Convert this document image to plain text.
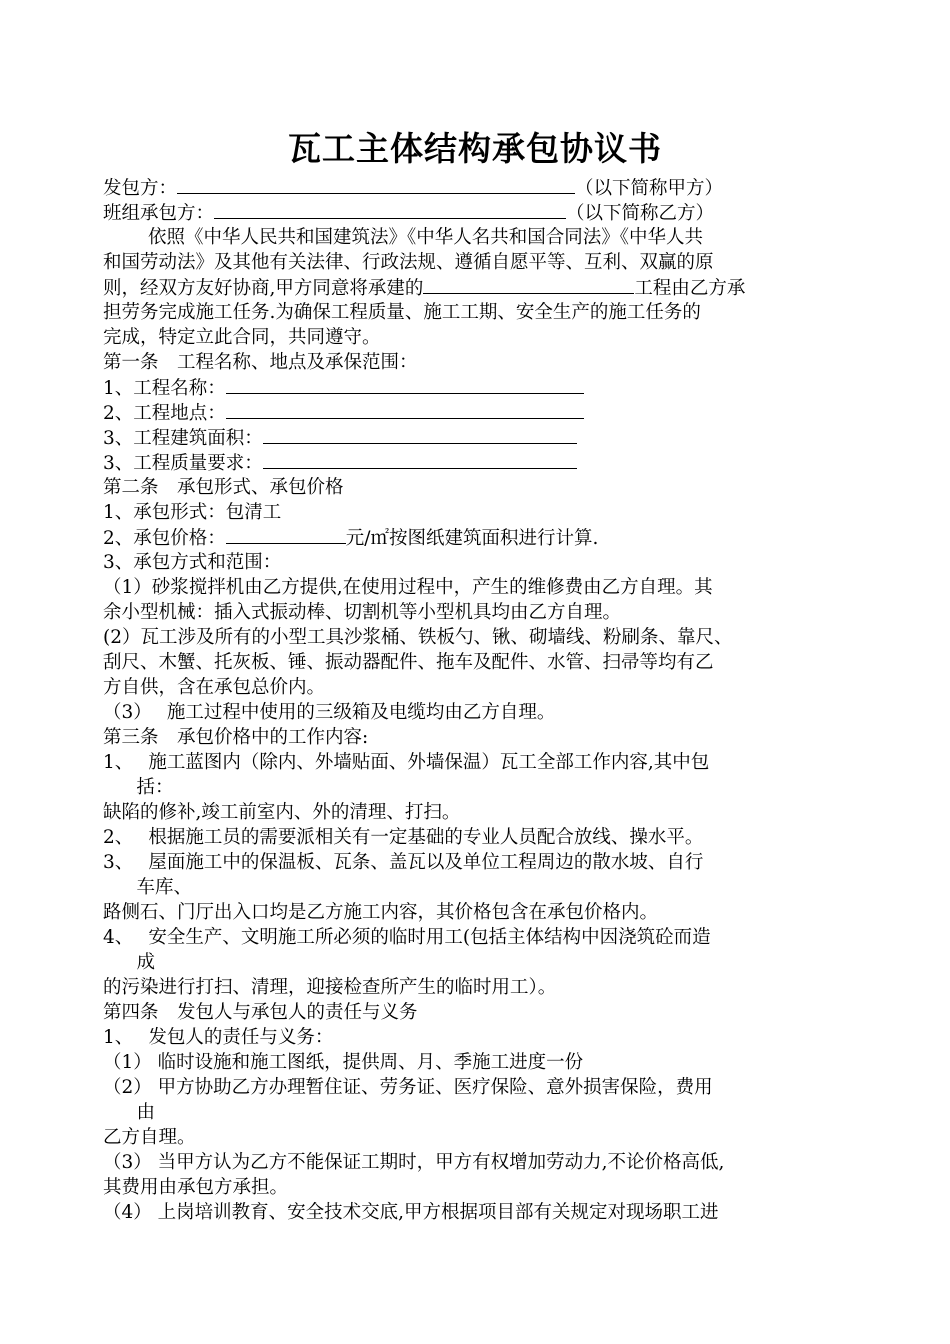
瓦工主体结构承包协议书
发包方：	（以下简称甲方）
班组承包方：	（以下简称乙方）
依照《中华人民共和国建筑法》《中华人名共和国合同法》《中华人共
和国劳动法》及其他有关法律、行政法规、遵循自愿平等、互利、双赢的原
则，经双方友好协商,甲方同意将承建的	工程由乙方承
担劳务完成施工任务.为确保工程质量、施工工期、安全生产的施工任务的
完成，特定立此合同，共同遵守。
第一条　工程名称、地点及承保范围：
1、工程名称：
2、工程地点：
3、工程建筑面积：
3、工程质量要求：
第二条　承包形式、承包价格
1、承包形式：包清工
2、承包价格：	元/㎡按图纸建筑面积进行计算.
3、承包方式和范围：
（1）砂浆搅拌机由乙方提供,在使用过程中，产生的维修费由乙方自理。其
余小型机械：插入式振动棒、切割机等小型机具均由乙方自理。
(2）瓦工涉及所有的小型工具沙浆桶、铁板勺、锹、砌墙线、粉刷条、靠尺、
刮尺、木蟹、托灰板、锤、振动器配件、拖车及配件、水管、扫帚等均有乙
方自供，含在承包总价内。
（3）　 施工过程中使用的三级箱及电缆均由乙方自理。
第三条　承包价格中的工作内容:
1、　 施工蓝图内（除内、外墙贴面、外墙保温）瓦工全部工作内容,其中包
　括：
缺陷的修补,竣工前室内、外的清理、打扫。
2、　 根据施工员的需要派相关有一定基础的专业人员配合放线、操水平。
3、　 屋面施工中的保温板、瓦条、盖瓦以及单位工程周边的散水坡、自行
　车库、
路侧石、门厅出入口均是乙方施工内容，其价格包含在承包价格内。
4、　 安全生产、文明施工所必须的临时用工(包括主体结构中因浇筑砼而造
　成
的污染进行打扫、清理，迎接检查所产生的临时用工）。
第四条　发包人与承包人的责任与义务
1、　 发包人的责任与义务：
（1） 临时设施和施工图纸，提供周、月、季施工进度一份
（2） 甲方协助乙方办理暂住证、劳务证、医疗保险、意外损害保险，费用
　由
乙方自理。
（3） 当甲方认为乙方不能保证工期时，甲方有权增加劳动力,不论价格高低,
其费用由承包方承担。
（4） 上岗培训教育、安全技术交底,甲方根据项目部有关规定对现场职工进
